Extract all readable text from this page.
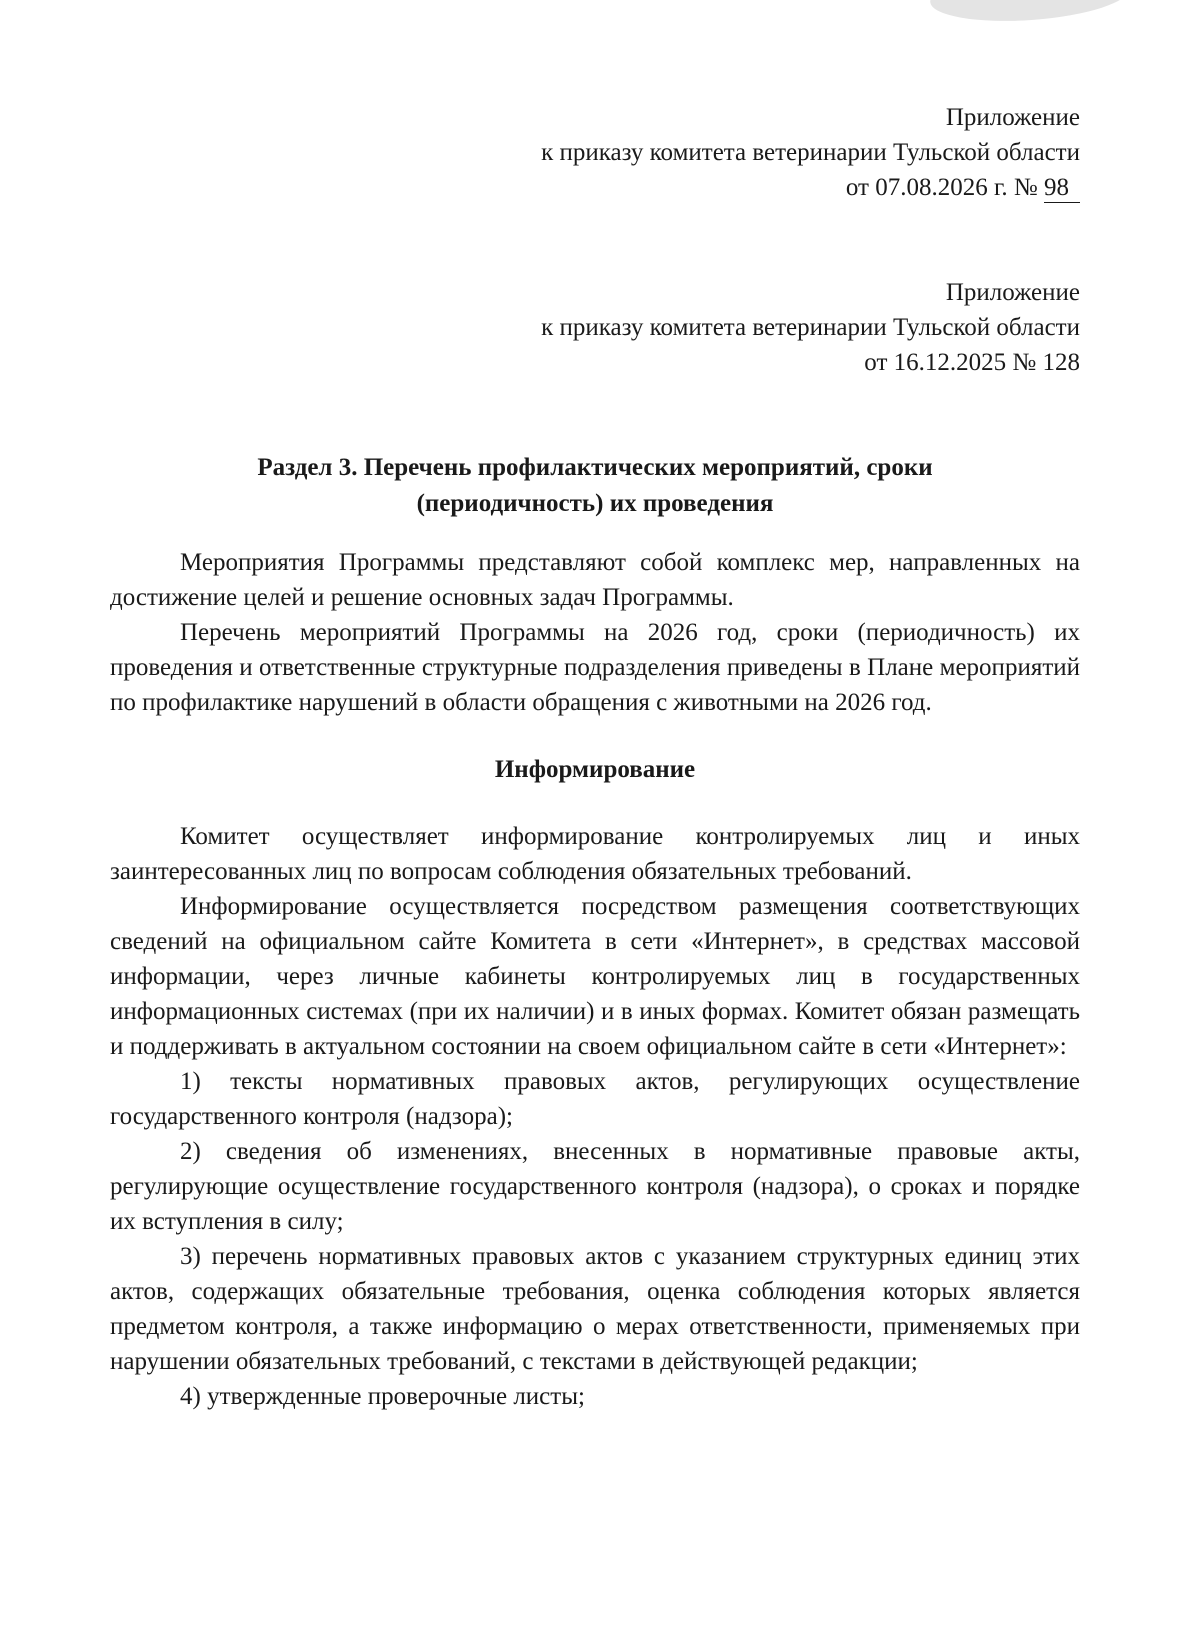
Приложение
к приказу комитета ветеринарии Тульской области
от 07.08.2026 г. № 98
Приложение
к приказу комитета ветеринарии Тульской области
от 16.12.2025 № 128
Раздел 3. Перечень профилактических мероприятий, сроки
(периодичность) их проведения

Мероприятия Программы представляют собой комплекс мер, направленных на достижение целей и решение основных задач Программы.

Перечень мероприятий Программы на 2026 год, сроки (периодичность) их проведения и ответственные структурные подразделения приведены в Плане мероприятий по профилактике нарушений в области обращения с животными на 2026 год.

Информирование

Комитет осуществляет информирование контролируемых лиц и иных заинтересованных лиц по вопросам соблюдения обязательных требований.

Информирование осуществляется посредством размещения соответствующих сведений на официальном сайте Комитета в сети «Интернет», в средствах массовой информации, через личные кабинеты контролируемых лиц в государственных информационных системах (при их наличии) и в иных формах. Комитет обязан размещать и поддерживать в актуальном состоянии на своем официальном сайте в сети «Интернет»:

1) тексты нормативных правовых актов, регулирующих осуществление государственного контроля (надзора);

2) сведения об изменениях, внесенных в нормативные правовые акты, регулирующие осуществление государственного контроля (надзора), о сроках и порядке их вступления в силу;

3) перечень нормативных правовых актов с указанием структурных единиц этих актов, содержащих обязательные требования, оценка соблюдения которых является предметом контроля, а также информацию о мерах ответственности, применяемых при нарушении обязательных требований, с текстами в действующей редакции;

4) утвержденные проверочные листы;
